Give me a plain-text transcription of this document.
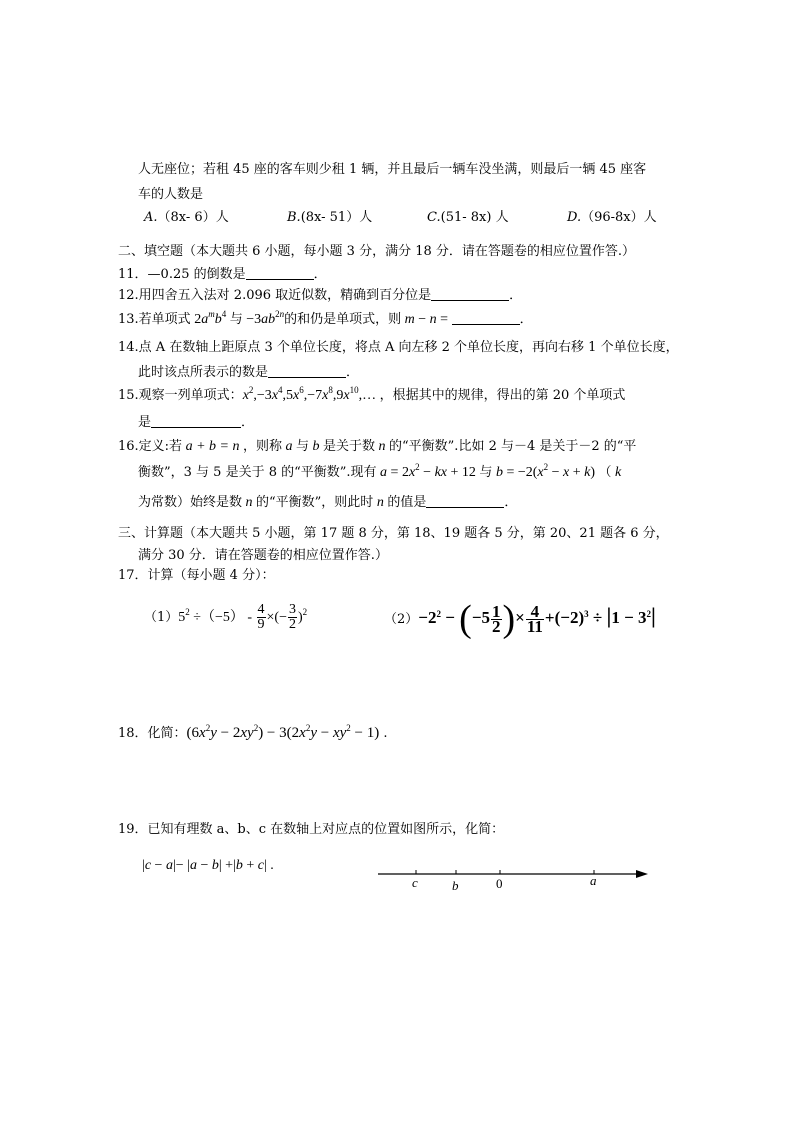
人无座位；若租 45 座的客车则少租 1 辆，并且最后一辆车没坐满，则最后一辆 45 座客
车的人数是
A.（8x- 6）人	B.(8x- 51）人	C.(51- 8x) 人	D.（96-8x）人
二、填空题（本大题共 6 小题，每小题 3 分，满分 18 分．请在答题卷的相应位置作答.）
11．—0.25 的倒数是	．
12.用四舍五入法对 2.096 取近似数，精确到百分位是	．
13.若单项式 $2a^mb^4$ 与 $-3ab^{2n}$的和仍是单项式，则 m − n =	．
14.点 A 在数轴上距原点 3 个单位长度，将点 A 向左移 2 个单位长度，再向右移 1 个单位长度，
此时该点所表示的数是	．
15.观察一列单项式：$x^2,-3x^4,5x^6,-7x^8,9x^{10},\dots$ ，根据其中的规律，得出的第 20 个单项式
是	．
16.定义:若 a + b = n ，则称 a 与 b 是关于数 n 的“平衡数”.比如 2 与－4 是关于－2 的“平
衡数”，3 与 5 是关于 8 的“平衡数”.现有 $a = 2x^2$ − kx + 12 与 $b = -2(x^2 - x + k)$ （ k
为常数）始终是数 n 的“平衡数”，则此时 n 的值是	．
三、计算题（本大题共 5 小题，第 17 题 8 分，第 18、19 题各 5 分，第 20、21 题各 6 分，
满分 30 分．请在答题卷的相应位置作答.）
17．计算（每小题 4 分）：
$(1)5^2 \div(-5) - \frac{4}{9}$ ×(− $\frac{3}{2} )^2$	$(2)-2^2 - (-5 \frac{1}{2}$ )× $\frac{4}{11} +(-2)^3 \div |1 - 3^2|$
18．化简：$(6x^2y - 2xy^2) - 3(2x^2y - xy^2 - 1)$ .
19．已知有理数 a、b、c 在数轴上对应点的位置如图所示，化简：
|c − a|− |a − b| +|b + c| .
c	b	0	a
